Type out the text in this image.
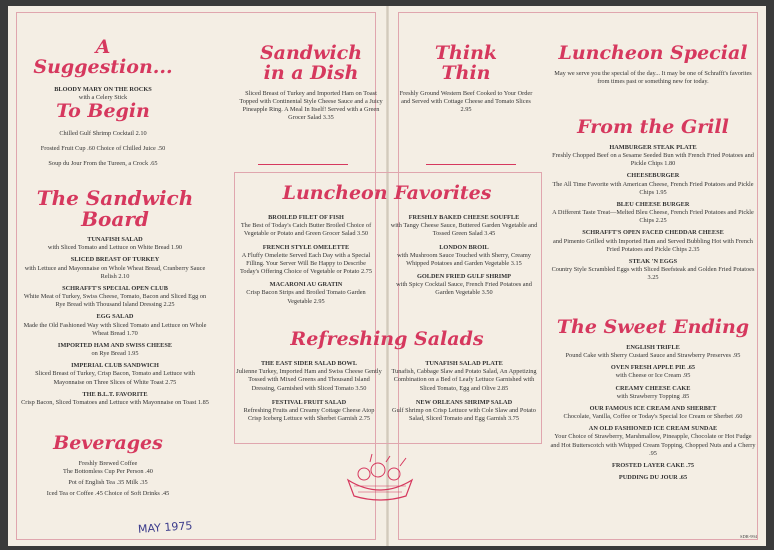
A Suggestion...
BLOODY MARY ON THE ROCKS
with a Celery Stick
To Begin
Chilled Gulf Shrimp Cocktail 2.10
Frosted Fruit Cup .60 Choice of Chilled Juice .50
Soup du Jour From the Tureen, a Crock .65
The Sandwich
Board
TUNAFISH SALAD
with Sliced Tomato and Lettuce on White Bread 1.90
SLICED BREAST OF TURKEY
with Lettuce and Mayonnaise on Whole Wheat Bread, Cranberry Sauce Relish 2.10
SCHRAFFT'S SPECIAL OPEN CLUB
White Meat of Turkey, Swiss Cheese, Tomato, Bacon and Sliced Egg on Rye Bread with Thousand Island Dressing 2.25
EGG SALAD
Made the Old Fashioned Way with Sliced Tomato and Lettuce on Whole Wheat Bread 1.70
IMPORTED HAM AND SWISS CHEESE
on Rye Bread 1.95
IMPERIAL CLUB SANDWICH
Sliced Breast of Turkey, Crisp Bacon, Tomato and Lettuce with Mayonnaise on Three Slices of White Toast 2.75
THE B.L.T. FAVORITE
Crisp Bacon, Sliced Tomatoes and Lettuce with Mayonnaise on Toast 1.85
Beverages
Freshly Brewed Coffee
The Bottomless Cup Per Person .40
Pot of English Tea .35 Milk .35
Iced Tea or Coffee .45 Choice of Soft Drinks .45
Sandwich
in a Dish
Sliced Breast of Turkey and Imported Ham on Toast Topped with Continental Style Cheese Sauce and a Juicy Pineapple Ring. A Meal In Itself! Served with a Green Grocer Salad 3.35
Think
Thin
Freshly Ground Western Beef Cooked to Your Order and Served with Cottage Cheese and Tomato Slices 2.95
Luncheon Favorites
BROILED FILET OF FISH
The Best of Today's Catch Butter Broiled Choice of Vegetable or Potato and Green Grocer Salad 3.50
FRENCH STYLE OMELETTE
A Fluffy Omelette Served Each Day with a Special Filling. Your Server Will Be Happy to Describe Today's Offering Choice of Vegetable or Potato 2.75
MACARONI AU GRATIN
Crisp Bacon Strips and Broiled Tomato Garden Vegetable 2.95
FRESHLY BAKED CHEESE SOUFFLE
with Tangy Cheese Sauce, Buttered Garden Vegetable and Tossed Green Salad 3.45
LONDON BROIL
with Mushroom Sauce Touched with Sherry, Creamy Whipped Potatoes and Garden Vegetable 3.15
GOLDEN FRIED GULF SHRIMP
with Spicy Cocktail Sauce, French Fried Potatoes and Garden Vegetable 3.50
Refreshing Salads
THE EAST SIDER SALAD BOWL
Julienne Turkey, Imported Ham and Swiss Cheese Gently Tossed with Mixed Greens and Thousand Island Dressing, Garnished with Sliced Tomato 3.50
FESTIVAL FRUIT SALAD
Refreshing Fruits and Creamy Cottage Cheese Atop Crisp Iceberg Lettuce with Sherbet Garnish 2.75
TUNAFISH SALAD PLATE
Tunafish, Cabbage Slaw and Potato Salad, An Appetizing Combination on a Bed of Leafy Lettuce Garnished with Sliced Tomato, Egg and Olive 2.85
NEW ORLEANS SHRIMP SALAD
Gulf Shrimp on Crisp Lettuce with Cole Slaw and Potato Salad, Sliced Tomato and Egg Garnish 3.75
Luncheon Special
May we serve you the special of the day... It may be one of Schrafft's favorites from times past or something new for today.
From the Grill
HAMBURGER STEAK PLATE
Freshly Chopped Beef on a Sesame Seeded Bun with French Fried Potatoes and Pickle Chips 1.80
CHEESEBURGER
The All Time Favorite with American Cheese, French Fried Potatoes and Pickle Chips 1.95
BLEU CHEESE BURGER
A Different Taste Treat—Melted Bleu Cheese, French Fried Potatoes and Pickle Chips 2.25
SCHRAFFT'S OPEN FACED CHEDDAR CHEESE
and Pimento Grilled with Imported Ham and Served Bubbling Hot with French Fried Potatoes and Pickle Chips 2.35
STEAK 'N EGGS
Country Style Scrambled Eggs with Sliced Beefsteak and Golden Fried Potatoes 3.25
The Sweet Ending
ENGLISH TRIFLE
Pound Cake with Sherry Custard Sauce and Strawberry Preserves .95
OVEN FRESH APPLE PIE .65
with Cheese or Ice Cream .95
CREAMY CHEESE CAKE
with Strawberry Topping .85
OUR FAMOUS ICE CREAM AND SHERBET
Chocolate, Vanilla, Coffee or Today's Special Ice Cream or Sherbet .60
AN OLD FASHIONED ICE CREAM SUNDAE
Your Choice of Strawberry, Marshmallow, Pineapple, Chocolate or Hot Fudge and Hot Butterscotch with Whipped Cream Topping, Chopped Nuts and a Cherry .95
FROSTED LAYER CAKE .75
PUDDING DU JOUR .65
MAY 1975
SDR-994
